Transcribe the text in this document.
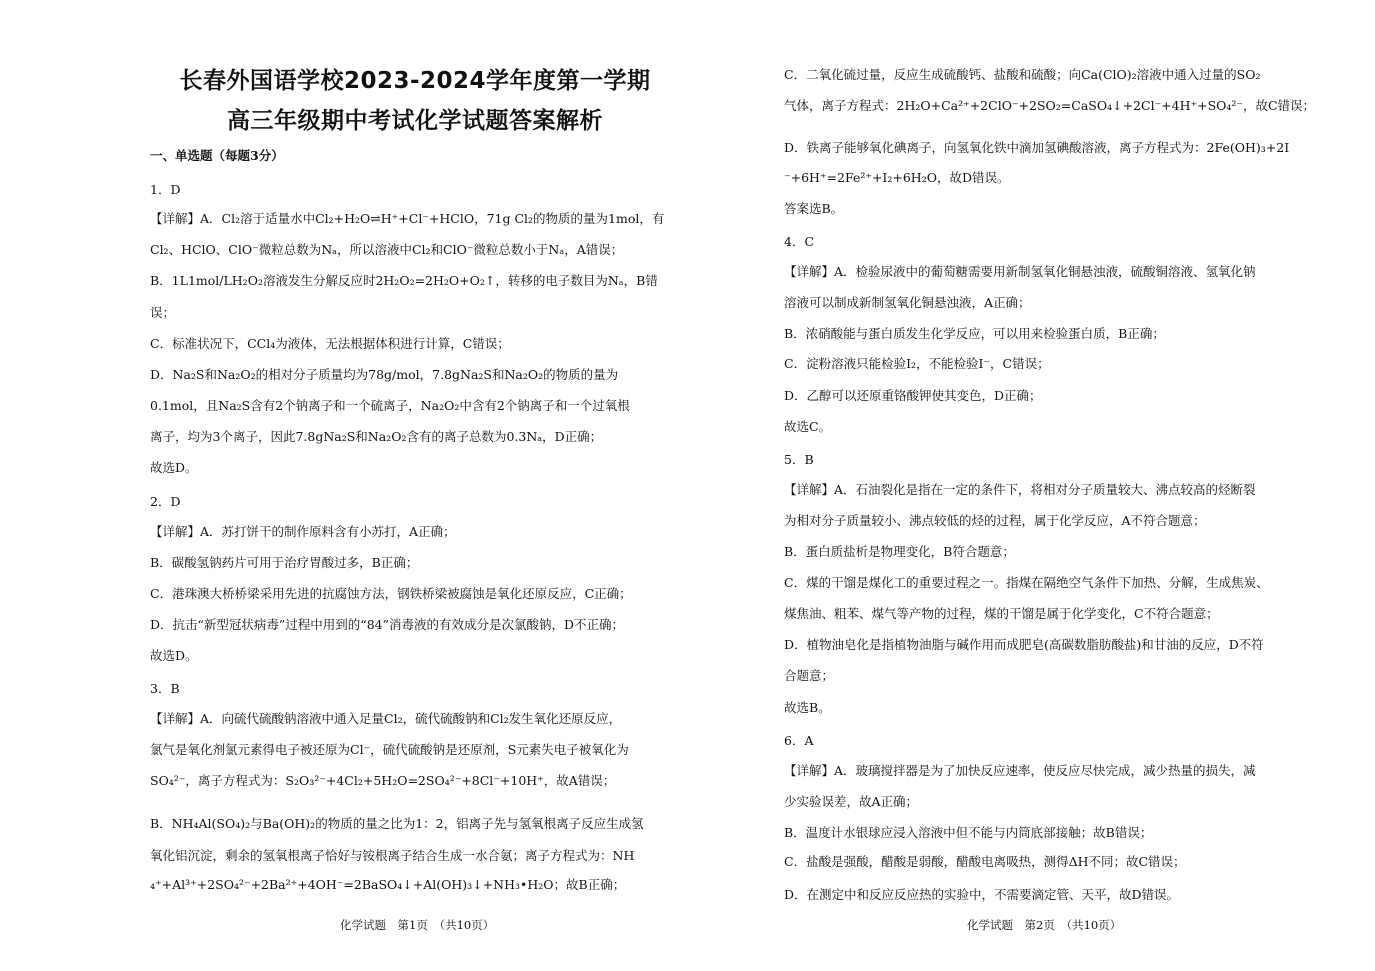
长春外国语学校2023-2024学年度第一学期
高三年级期中考试化学试题答案解析
一、单选题（每题3分）
1．D
【详解】A．Cl₂溶于适量水中Cl₂+H₂O⇌H⁺+Cl⁻+HClO，71g Cl₂的物质的量为1mol，有
Cl₂、HClO、ClO⁻微粒总数为Nₐ，所以溶液中Cl₂和ClO⁻微粒总数小于Nₐ，A错误；
B．1L1mol/LH₂O₂溶液发生分解反应时2H₂O₂=2H₂O+O₂↑，转移的电子数目为Nₐ，B错
误；
C．标准状况下，CCl₄为液体，无法根据体积进行计算，C错误；
D．Na₂S和Na₂O₂的相对分子质量均为78g/mol，7.8gNa₂S和Na₂O₂的物质的量为
0.1mol，且Na₂S含有2个钠离子和一个硫离子，Na₂O₂中含有2个钠离子和一个过氧根
离子，均为3个离子，因此7.8gNa₂S和Na₂O₂含有的离子总数为0.3Nₐ，D正确；
故选D。
2．D
【详解】A．苏打饼干的制作原料含有小苏打，A正确；
B．碳酸氢钠药片可用于治疗胃酸过多，B正确；
C．港珠澳大桥桥梁采用先进的抗腐蚀方法，钢铁桥梁被腐蚀是氧化还原反应，C正确；
D．抗击“新型冠状病毒”过程中用到的“84”消毒液的有效成分是次氯酸钠，D不正确；
故选D。
3．B
【详解】A．向硫代硫酸钠溶液中通入足量Cl₂，硫代硫酸钠和Cl₂发生氧化还原反应，
氯气是氧化剂氯元素得电子被还原为Cl⁻，硫代硫酸钠是还原剂，S元素失电子被氧化为
SO₄²⁻，离子方程式为：S₂O₃²⁻+4Cl₂+5H₂O=2SO₄²⁻+8Cl⁻+10H⁺，故A错误；
B．NH₄Al(SO₄)₂与Ba(OH)₂的物质的量之比为1：2，铝离子先与氢氧根离子反应生成氢
氧化铝沉淀，剩余的氢氧根离子恰好与铵根离子结合生成一水合氨；离子方程式为：NH
₄⁺+Al³⁺+2SO₄²⁻+2Ba²⁺+4OH⁻=2BaSO₄↓+Al(OH)₃↓+NH₃•H₂O；故B正确；
C．二氧化硫过量，反应生成硫酸钙、盐酸和硫酸；向Ca(ClO)₂溶液中通入过量的SO₂
气体，离子方程式：2H₂O+Ca²⁺+2ClO⁻+2SO₂=CaSO₄↓+2Cl⁻+4H⁺+SO₄²⁻，故C错误；
D．铁离子能够氧化碘离子，向氢氧化铁中滴加氢碘酸溶液，离子方程式为：2Fe(OH)₃+2I
⁻+6H⁺=2Fe²⁺+I₂+6H₂O，故D错误。
答案选B。
4．C
【详解】A．检验尿液中的葡萄糖需要用新制氢氧化铜悬浊液，硫酸铜溶液、氢氧化钠
溶液可以制成新制氢氧化铜悬浊液，A正确；
B．浓硝酸能与蛋白质发生化学反应，可以用来检验蛋白质，B正确；
C．淀粉溶液只能检验I₂，不能检验I⁻，C错误；
D．乙醇可以还原重铬酸钾使其变色，D正确；
故选C。
5．B
【详解】A．石油裂化是指在一定的条件下，将相对分子质量较大、沸点较高的烃断裂
为相对分子质量较小、沸点较低的烃的过程，属于化学反应，A不符合题意；
B．蛋白质盐析是物理变化，B符合题意；
C．煤的干馏是煤化工的重要过程之一。指煤在隔绝空气条件下加热、分解，生成焦炭、
煤焦油、粗苯、煤气等产物的过程，煤的干馏是属于化学变化，C不符合题意；
D．植物油皂化是指植物油脂与碱作用而成肥皂(高碳数脂肪酸盐)和甘油的反应，D不符
合题意；
故选B。
6．A
【详解】A．玻璃搅拌器是为了加快反应速率，使反应尽快完成，减少热量的损失，减
少实验误差，故A正确；
B．温度计水银球应浸入溶液中但不能与内筒底部接触；故B错误；
C．盐酸是强酸，醋酸是弱酸，醋酸电离吸热，测得ΔH不同；故C错误；
D．在测定中和反应反应热的实验中，不需要滴定管、天平，故D错误。
化学试题　第1页　（共10页）	化学试题　第2页　（共10页）
